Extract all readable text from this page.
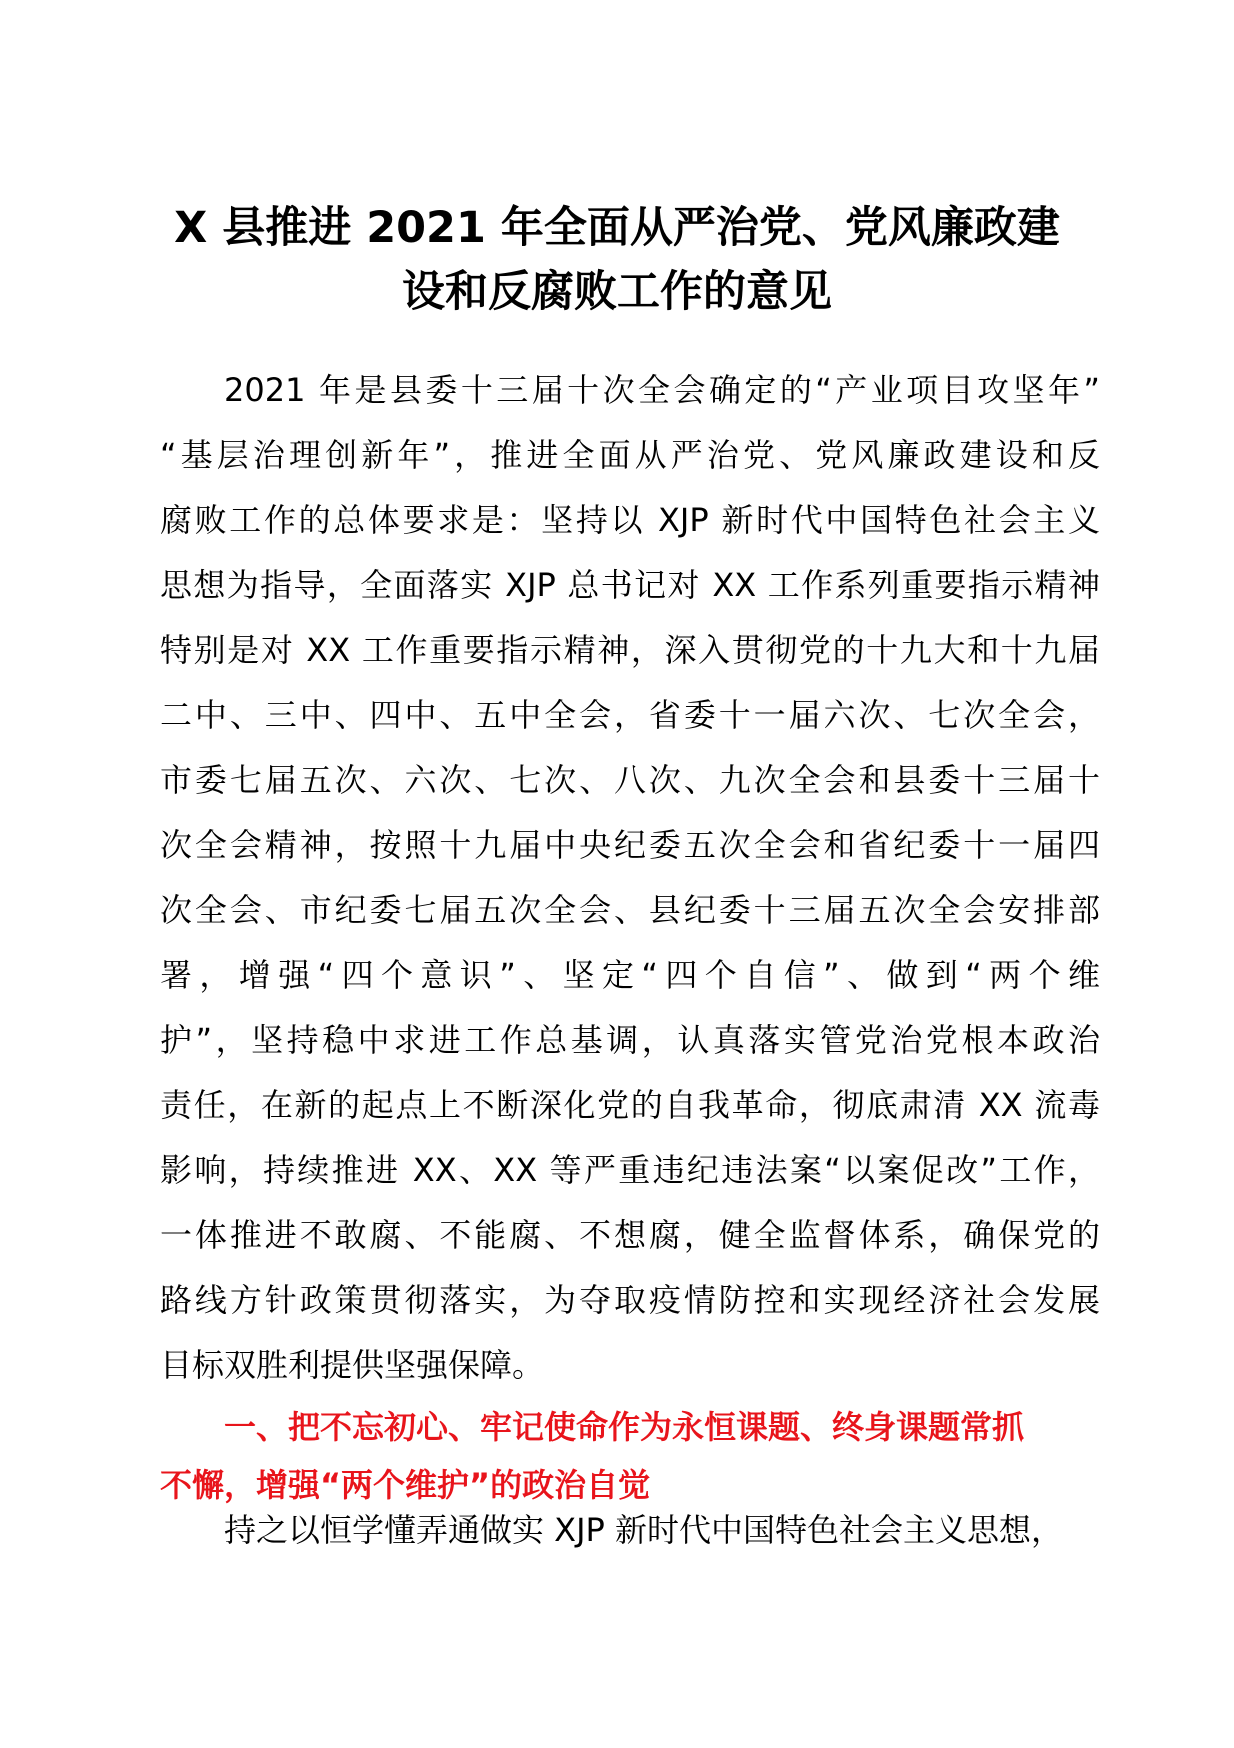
X 县推进 2021 年全面从严治党、党风廉政建
设和反腐败工作的意见
2021 年是县委十三届十次全会确定的“产业项目攻坚年”
“基层治理创新年”，推进全面从严治党、党风廉政建设和反
腐败工作的总体要求是：坚持以 XJP 新时代中国特色社会主义
思想为指导，全面落实 XJP 总书记对 XX 工作系列重要指示精神
特别是对 XX 工作重要指示精神，深入贯彻党的十九大和十九届
二中、三中、四中、五中全会，省委十一届六次、七次全会，
市委七届五次、六次、七次、八次、九次全会和县委十三届十
次全会精神，按照十九届中央纪委五次全会和省纪委十一届四
次全会、市纪委七届五次全会、县纪委十三届五次全会安排部
署，增强“四个意识”、坚定“四个自信”、做到“两个维
护”，坚持稳中求进工作总基调，认真落实管党治党根本政治
责任，在新的起点上不断深化党的自我革命，彻底肃清 XX 流毒
影响，持续推进 XX、XX 等严重违纪违法案“以案促改”工作，
一体推进不敢腐、不能腐、不想腐，健全监督体系，确保党的
路线方针政策贯彻落实，为夺取疫情防控和实现经济社会发展
目标双胜利提供坚强保障。
一、把不忘初心、牢记使命作为永恒课题、终身课题常抓
不懈，增强“两个维护”的政治自觉
持之以恒学懂弄通做实 XJP 新时代中国特色社会主义思想，
